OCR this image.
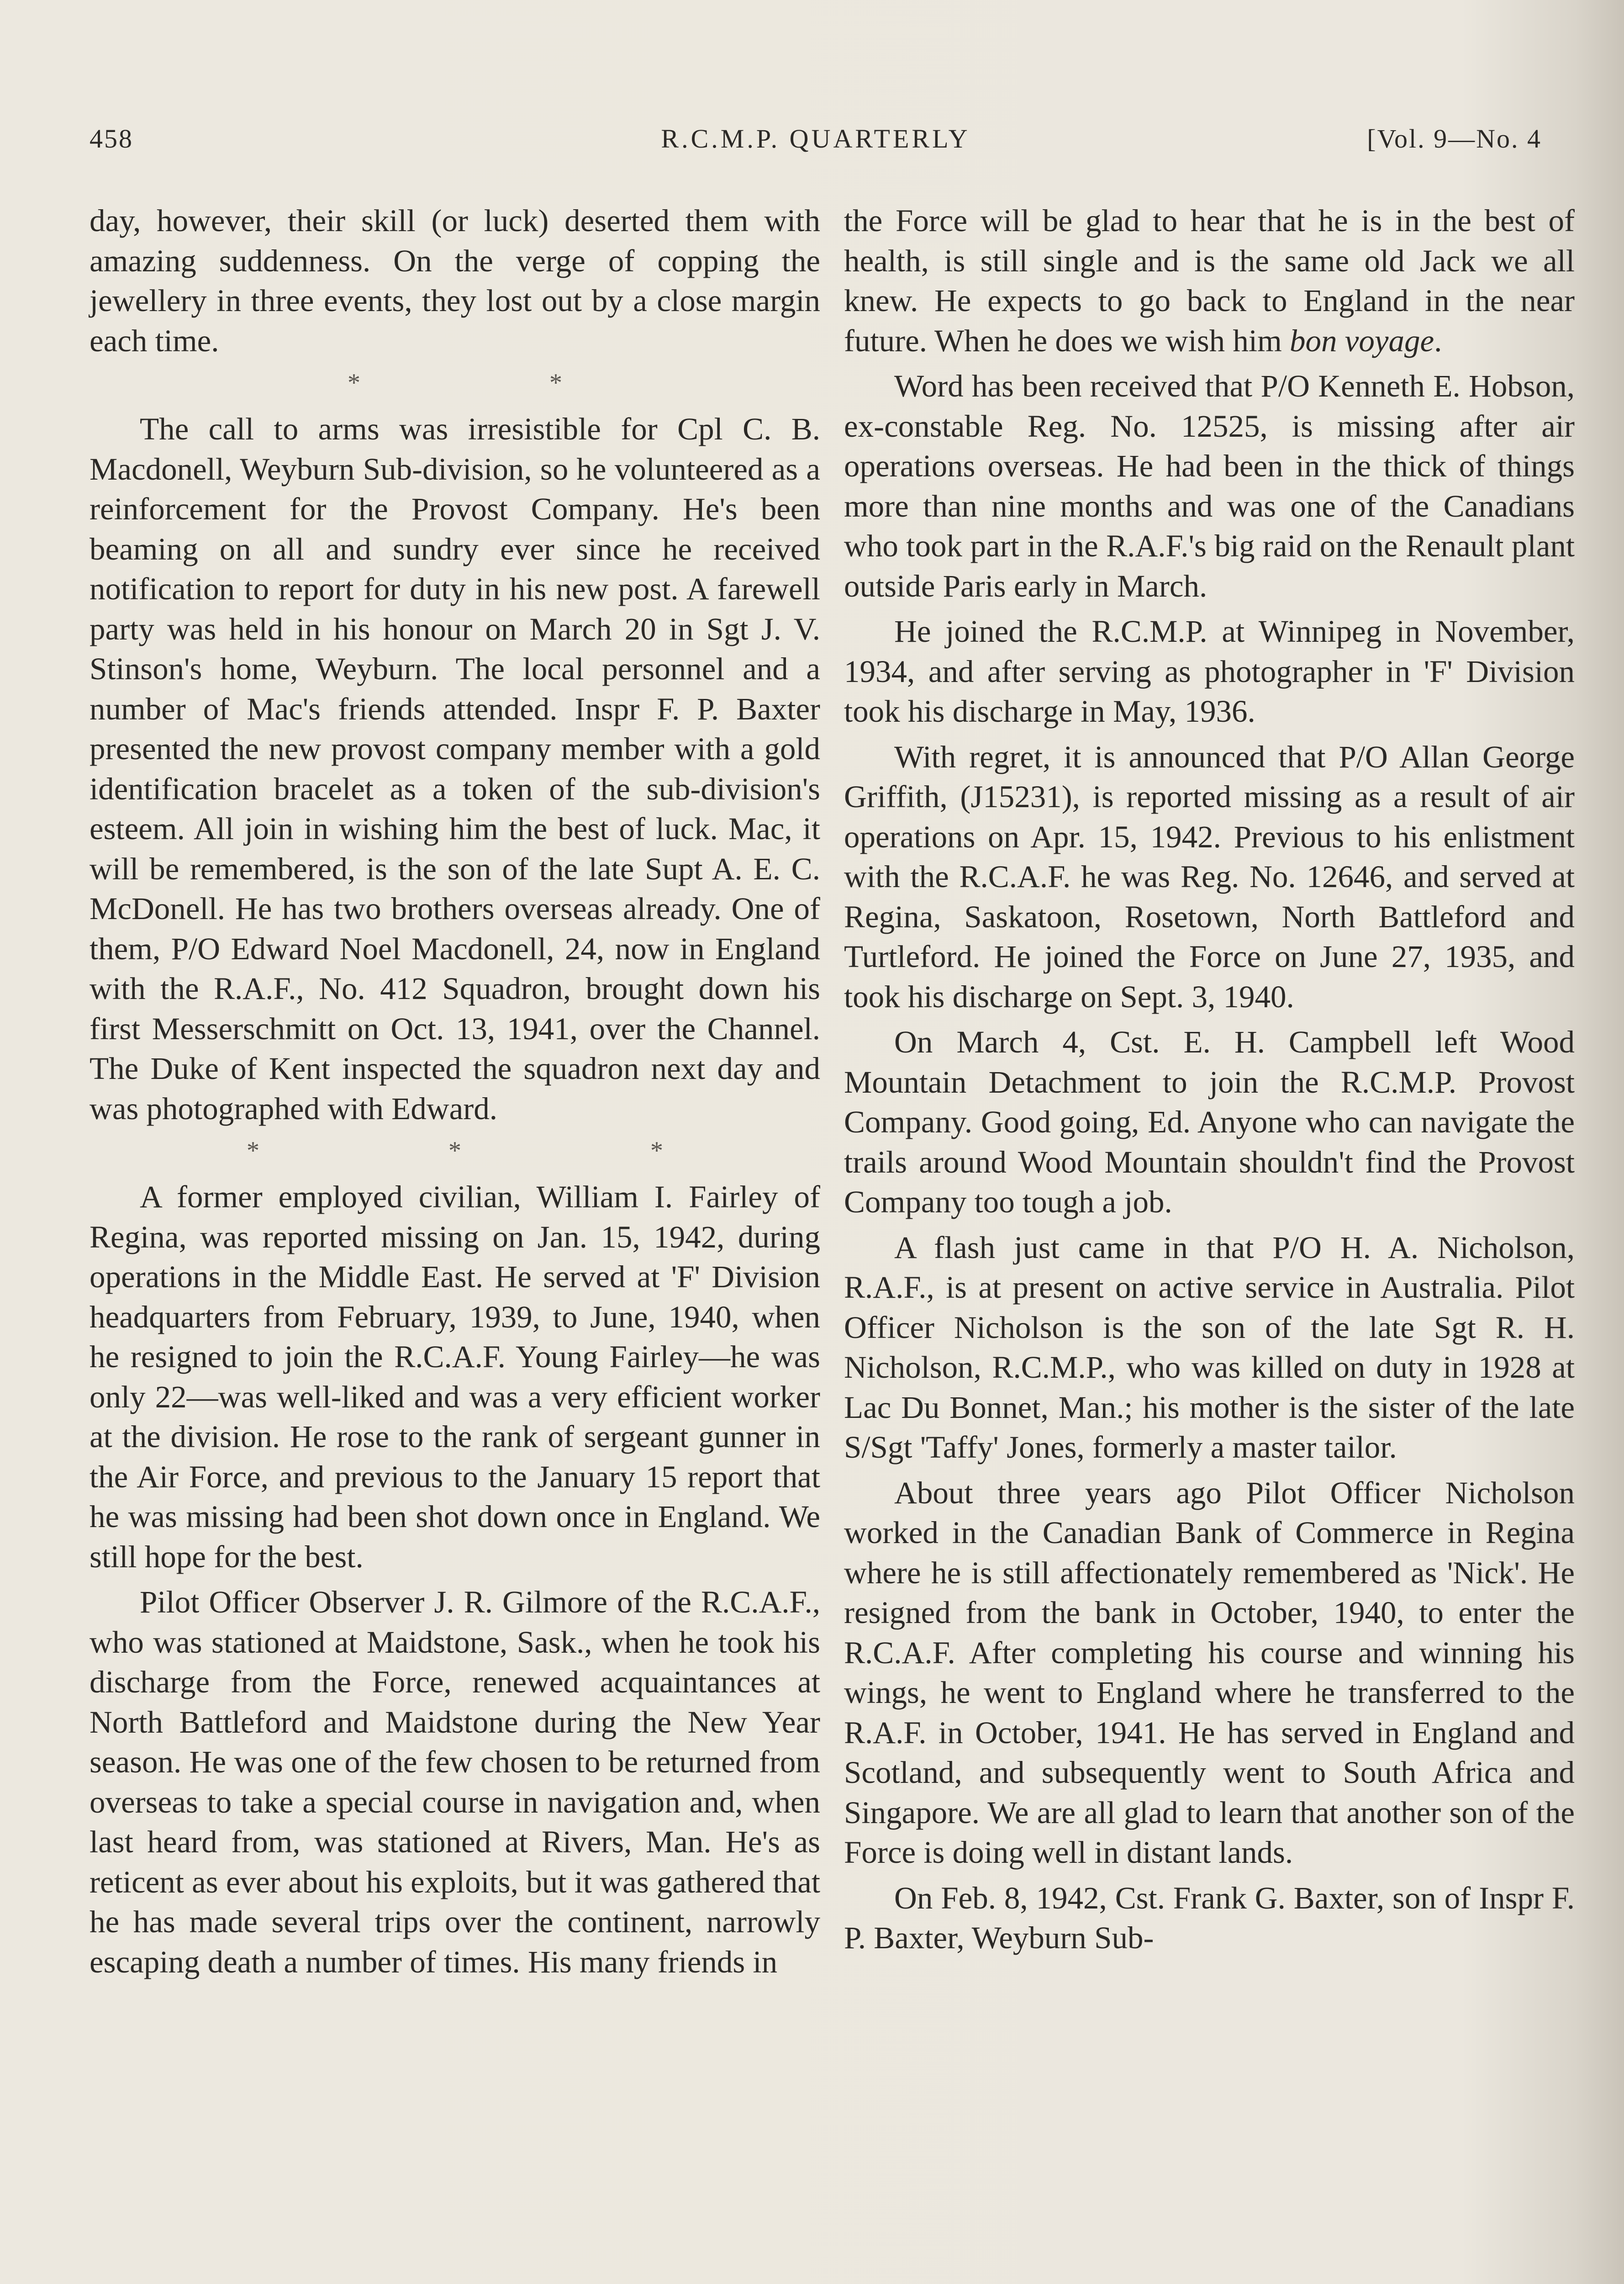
458	R.C.M.P. QUARTERLY	[Vol. 9—No. 4

day, however, their skill (or luck) deserted them with amazing suddenness. On the verge of copping the jewellery in three events, they lost out by a close margin each time.

* *

The call to arms was irresistible for Cpl C. B. Macdonell, Weyburn Sub-division, so he volunteered as a reinforcement for the Provost Company. He's been beaming on all and sundry ever since he received notification to report for duty in his new post. A farewell party was held in his honour on March 20 in Sgt J. V. Stinson's home, Weyburn. The local personnel and a number of Mac's friends attended. Inspr F. P. Baxter presented the new provost company member with a gold identification bracelet as a token of the sub-division's esteem. All join in wishing him the best of luck. Mac, it will be remembered, is the son of the late Supt A. E. C. McDonell. He has two brothers overseas already. One of them, P/O Edward Noel Macdonell, 24, now in England with the R.A.F., No. 412 Squadron, brought down his first Messerschmitt on Oct. 13, 1941, over the Channel. The Duke of Kent inspected the squadron next day and was photographed with Edward.

* * *

A former employed civilian, William I. Fairley of Regina, was reported missing on Jan. 15, 1942, during operations in the Middle East. He served at 'F' Division headquarters from February, 1939, to June, 1940, when he resigned to join the R.C.A.F. Young Fairley—he was only 22—was well-liked and was a very efficient worker at the division. He rose to the rank of sergeant gunner in the Air Force, and previous to the January 15 report that he was missing had been shot down once in England. We still hope for the best.

Pilot Officer Observer J. R. Gilmore of the R.C.A.F., who was stationed at Maidstone, Sask., when he took his discharge from the Force, renewed acquaintances at North Battleford and Maidstone during the New Year season. He was one of the few chosen to be returned from overseas to take a special course in navigation and, when last heard from, was stationed at Rivers, Man. He's as reticent as ever about his exploits, but it was gathered that he has made several trips over the continent, narrowly escaping death a number of times. His many friends in

the Force will be glad to hear that he is in the best of health, is still single and is the same old Jack we all knew. He expects to go back to England in the near future. When he does we wish him bon voyage.

Word has been received that P/O Kenneth E. Hobson, ex-constable Reg. No. 12525, is missing after air operations overseas. He had been in the thick of things more than nine months and was one of the Canadians who took part in the R.A.F.'s big raid on the Renault plant outside Paris early in March.

He joined the R.C.M.P. at Winnipeg in November, 1934, and after serving as photographer in 'F' Division took his discharge in May, 1936.

With regret, it is announced that P/O Allan George Griffith, (J15231), is reported missing as a result of air operations on Apr. 15, 1942. Previous to his enlistment with the R.C.A.F. he was Reg. No. 12646, and served at Regina, Saskatoon, Rosetown, North Battleford and Turtleford. He joined the Force on June 27, 1935, and took his discharge on Sept. 3, 1940.

On March 4, Cst. E. H. Campbell left Wood Mountain Detachment to join the R.C.M.P. Provost Company. Good going, Ed. Anyone who can navigate the trails around Wood Mountain shouldn't find the Provost Company too tough a job.

A flash just came in that P/O H. A. Nicholson, R.A.F., is at present on active service in Australia. Pilot Officer Nicholson is the son of the late Sgt R. H. Nicholson, R.C.M.P., who was killed on duty in 1928 at Lac Du Bonnet, Man.; his mother is the sister of the late S/Sgt 'Taffy' Jones, formerly a master tailor.

About three years ago Pilot Officer Nicholson worked in the Canadian Bank of Commerce in Regina where he is still affectionately remembered as 'Nick'. He resigned from the bank in October, 1940, to enter the R.C.A.F. After completing his course and winning his wings, he went to England where he transferred to the R.A.F. in October, 1941. He has served in England and Scotland, and subsequently went to South Africa and Singapore. We are all glad to learn that another son of the Force is doing well in distant lands.

On Feb. 8, 1942, Cst. Frank G. Baxter, son of Inspr F. P. Baxter, Weyburn Sub-
